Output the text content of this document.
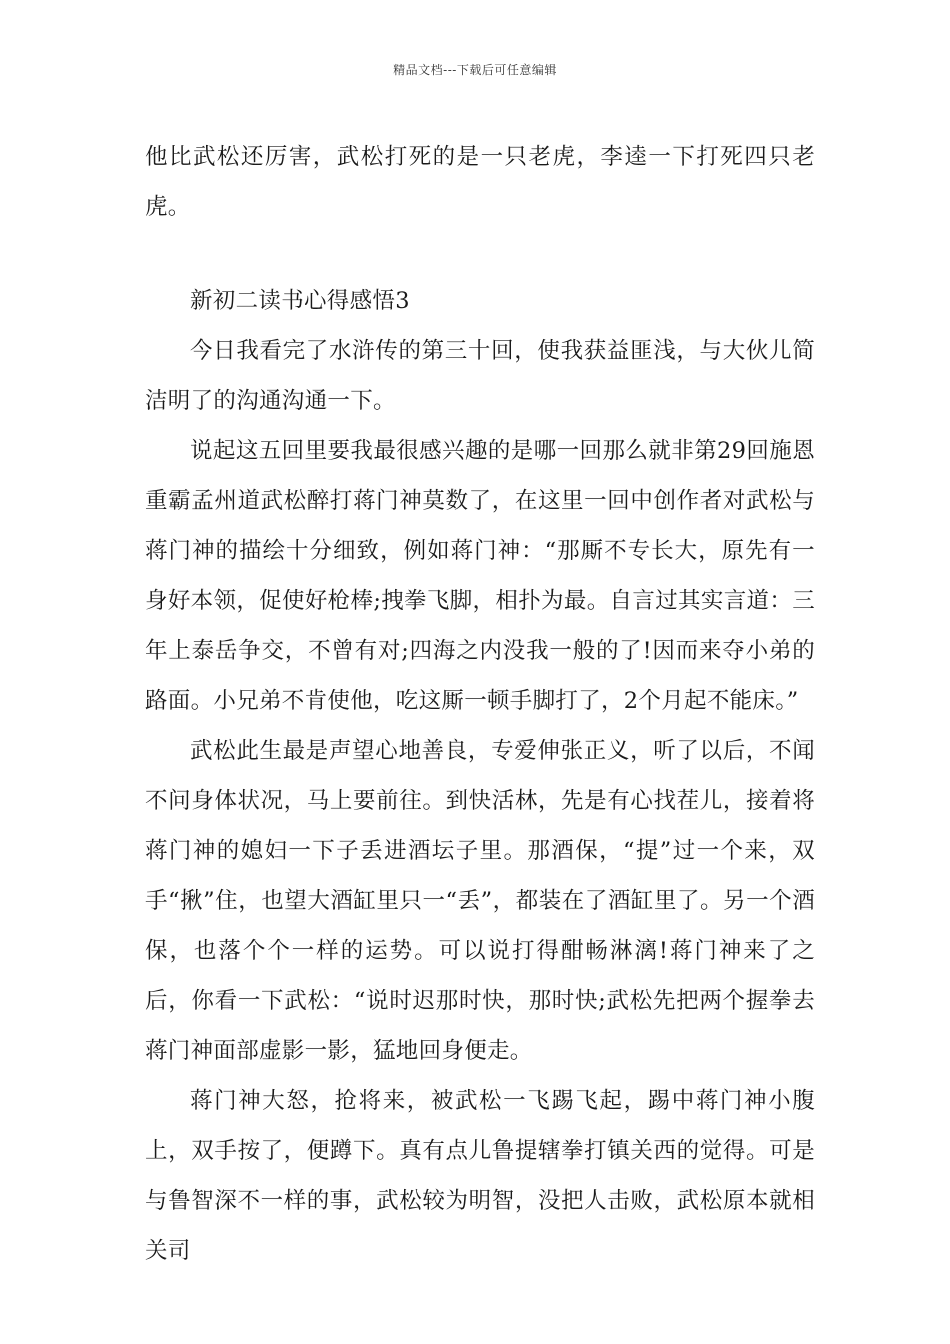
精品文档---下载后可任意编辑

他比武松还厉害，武松打死的是一只老虎，李逵一下打死四只老虎。

新初二读书心得感悟3

今日我看完了水浒传的第三十回，使我获益匪浅，与大伙儿简洁明了的沟通沟通一下。

说起这五回里要我最很感兴趣的是哪一回那么就非第29回施恩重霸孟州道武松醉打蒋门神莫数了，在这里一回中创作者对武松与蒋门神的描绘十分细致，例如蒋门神：“那厮不专长大，原先有一身好本领，促使好枪棒;拽拳飞脚，相扑为最。自言过其实言道：三年上泰岳争交，不曾有对;四海之内没我一般的了!因而来夺小弟的路面。小兄弟不肯使他，吃这厮一顿手脚打了，2个月起不能床。”

武松此生最是声望心地善良，专爱伸张正义，听了以后，不闻不问身体状况，马上要前往。到快活林，先是有心找茬儿，接着将蒋门神的媳妇一下子丢进酒坛子里。那酒保，“提”过一个来，双手“揪”住，也望大酒缸里只一“丢”，都装在了酒缸里了。另一个酒保，也落个个一样的运势。可以说打得酣畅淋漓!蒋门神来了之后，你看一下武松：“说时迟那时快，那时快;武松先把两个握拳去蒋门神面部虚影一影，猛地回身便走。

蒋门神大怒，抢将来，被武松一飞踢飞起，踢中蒋门神小腹上，双手按了，便蹲下。真有点儿鲁提辖拳打镇关西的觉得。可是与鲁智深不一样的事，武松较为明智，没把人击败，武松原本就相关司
